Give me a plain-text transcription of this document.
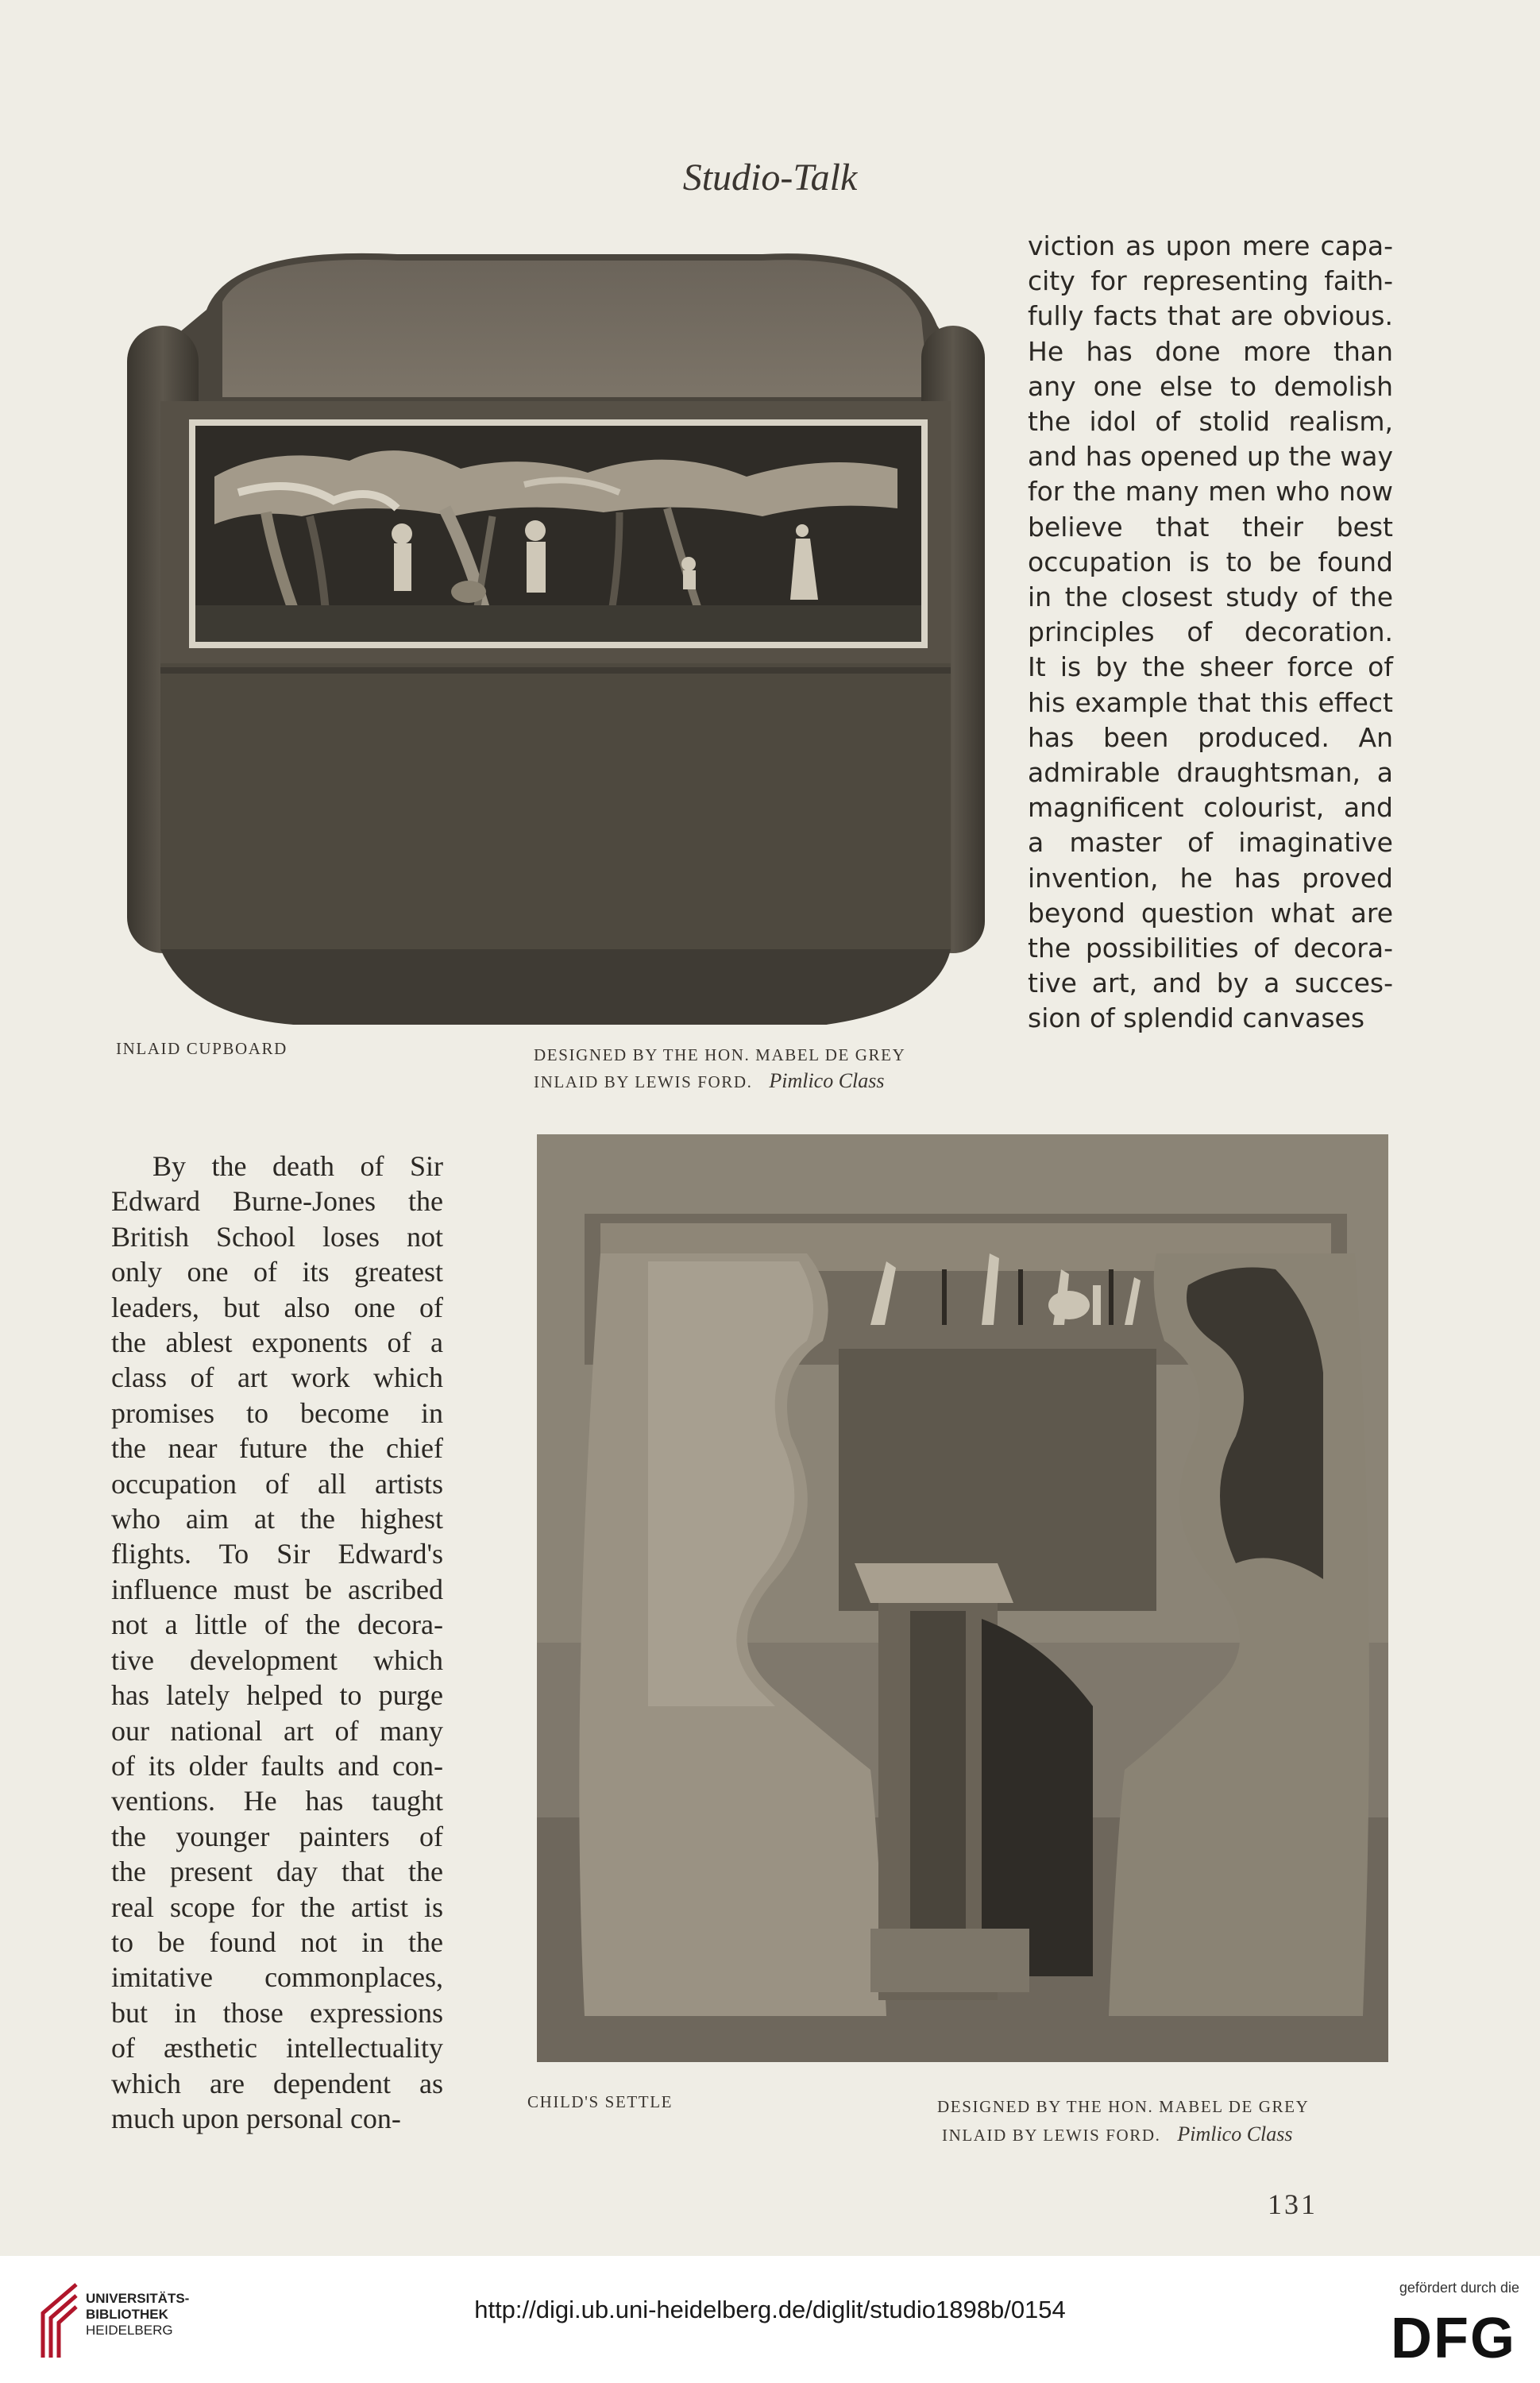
Studio-Talk
viction as upon mere capa-
city for representing faith-
fully facts that are obvious.
He has done more than
any one else to demolish
the idol of stolid realism,
and has opened up the way
for the many men who now
believe that their best
occupation is to be found
in the closest study of the
principles of decoration.
It is by the sheer force of
his example that this effect
has been produced. An
admirable draughtsman, a
magnificent colourist, and
a master of imaginative
invention, he has proved
beyond question what are
the possibilities of decora-
tive art, and by a succes-
sion of splendid canvases
INLAID CUPBOARD	DESIGNED BY THE HON. MABEL DE GREY
INLAID BY LEWIS FORD. Pimlico Class
CHILD'S SETTLE	DESIGNED BY THE HON. MABEL DE GREY
INLAID BY LEWIS FORD. Pimlico Class
By the death of Sir
Edward Burne-Jones the
British School loses not
only one of its greatest
leaders, but also one of
the ablest exponents of a
class of art work which
promises to become in
the near future the chief
occupation of all artists
who aim at the highest
flights. To Sir Edward's
influence must be ascribed
not a little of the decora-
tive development which
has lately helped to purge
our national art of many
of its older faults and con-
ventions. He has taught
the younger painters of
the present day that the
real scope for the artist is
to be found not in the
imitative commonplaces,
but in those expressions
of æsthetic intellectuality
which are dependent as
much upon personal con-
131
UNIVERSITÄTS-
BIBLIOTHEK
HEIDELBERG
http://digi.ub.uni-heidelberg.de/diglit/studio1898b/0154
gefördert durch die
DFG
